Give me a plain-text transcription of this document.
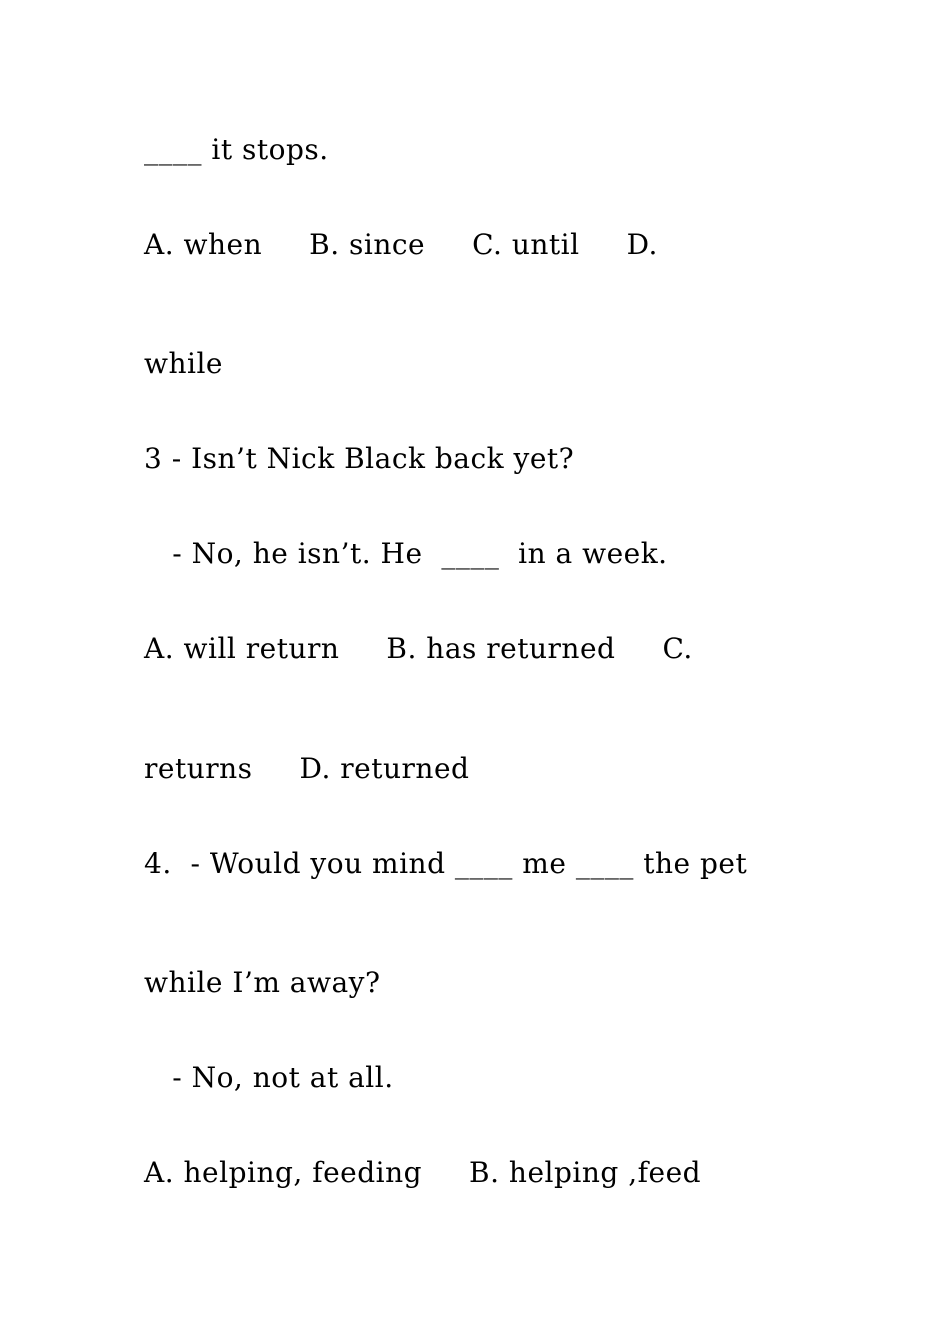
____ it stops.
A. when     B. since     C. until     D.
while
3 - Isn’t Nick Black back yet?
- No, he isn’t. He  ____  in a week.
A. will return     B. has returned     C.
returns     D. returned
4.  - Would you mind ____ me ____ the pet
while I’m away?
- No, not at all.
A. helping, feeding     B. helping ,feed
